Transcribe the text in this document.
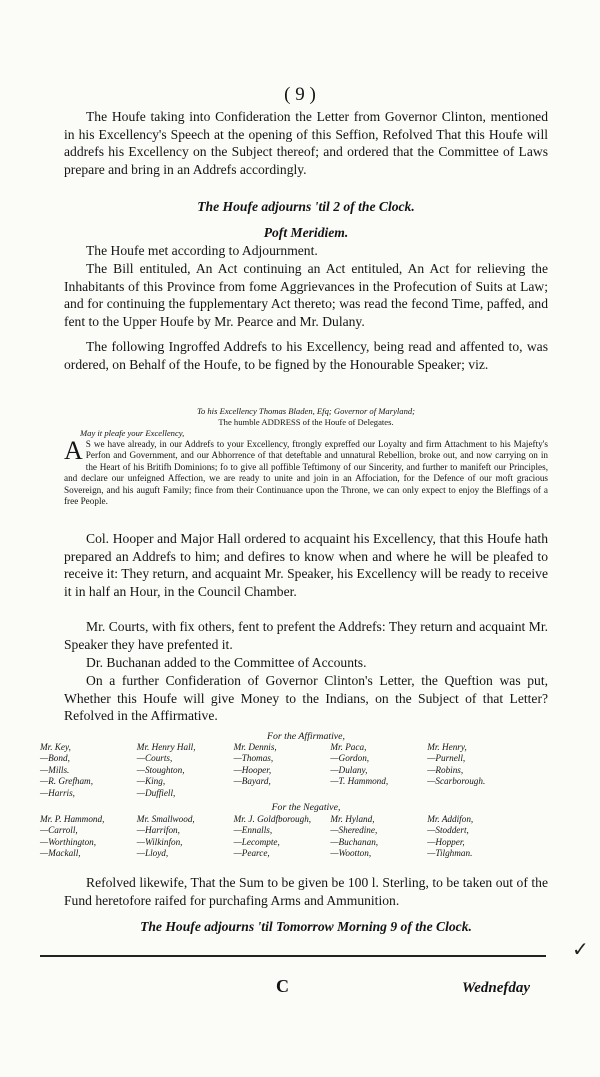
( 9 )
The Houfe taking into Confideration the Letter from Governor Clinton, mentioned in his Excellency's Speech at the opening of this Seffion, Refolved That this Houfe will addrefs his Excellency on the Subject thereof; and ordered that the Committee of Laws prepare and bring in an Addrefs accordingly.
The Houfe adjourns 'til 2 of the Clock.
Poft Meridiem.
The Houfe met according to Adjournment.
The Bill entituled, An Act continuing an Act entituled, An Act for relieving the Inhabitants of this Province from fome Aggrievances in the Profecution of Suits at Law; and for continuing the fupplementary Act thereto; was read the fecond Time, paffed, and fent to the Upper Houfe by Mr. Pearce and Mr. Dulany.
The following Ingroffed Addrefs to his Excellency, being read and affented to, was ordered, on Behalf of the Houfe, to be figned by the Honourable Speaker; viz.
To his Excellency Thomas Bladen, Efq; Governor of Maryland;
The humble ADDRESS of the Houfe of Delegates.
May it pleafe your Excellency,
A S we have already, in our Addrefs to your Excellency, ftrongly expreffed our Loyalty and firm Attachment to his Majefty's Perfon and Government, and our Abhorrence of that deteftable and unnatural Rebellion, broke out, and now carrying on in the Heart of his Britifh Dominions; fo to give all poffible Teftimony of our Sincerity, and further to manifeft our Principles, and declare our unfeigned Affection, we are ready to unite and join in an Affociation, for the Defence of our moft gracious Sovereign, and his auguft Family; fince from their Continuance upon the Throne, we can only expect to enjoy the Bleffings of a free People.
Col. Hooper and Major Hall ordered to acquaint his Excellency, that this Houfe hath prepared an Addrefs to him; and defires to know when and where he will be pleafed to receive it: They return, and acquaint Mr. Speaker, his Excellency will be ready to receive it in half an Hour, in the Council Chamber.
Mr. Courts, with fix others, fent to prefent the Addrefs: They return and acquaint Mr. Speaker they have prefented it.
Dr. Buchanan added to the Committee of Accounts.
On a further Confideration of Governor Clinton's Letter, the Queftion was put, Whether this Houfe will give Money to the Indians, on the Subject of that Letter? Refolved in the Affirmative.
For the Affirmative,
Mr. Key,
—Bond,
—Mills.
—R. Grefham,
—Harris,
Mr. Henry Hall,
—Courts,
—Stoughton,
—King,
—Duffiell,
Mr. Dennis,
—Thomas,
—Hooper,
—Bayard,
Mr. Paca,
—Gordon,
—Dulany,
—T. Hammond,
Mr. Henry,
—Purnell,
—Robins,
—Scarborough.
For the Negative,
Mr. P. Hammond,
—Carroll,
—Worthington,
—Mackall,
Mr. Smallwood,
—Harrifon,
—Wilkinfon,
—Lloyd,
Mr. J. Goldfborough,
—Ennalls,
—Lecompte,
—Pearce,
Mr. Hyland,
—Sheredine,
—Buchanan,
—Wootton,
Mr. Addifon,
—Stoddert,
—Hopper,
—Tilghman.
Refolved likewife, That the Sum to be given be 100 l. Sterling, to be taken out of the Fund heretofore raifed for purchafing Arms and Ammunition.
The Houfe adjourns 'til Tomorrow Morning 9 of the Clock.
C	Wednefday
✓
